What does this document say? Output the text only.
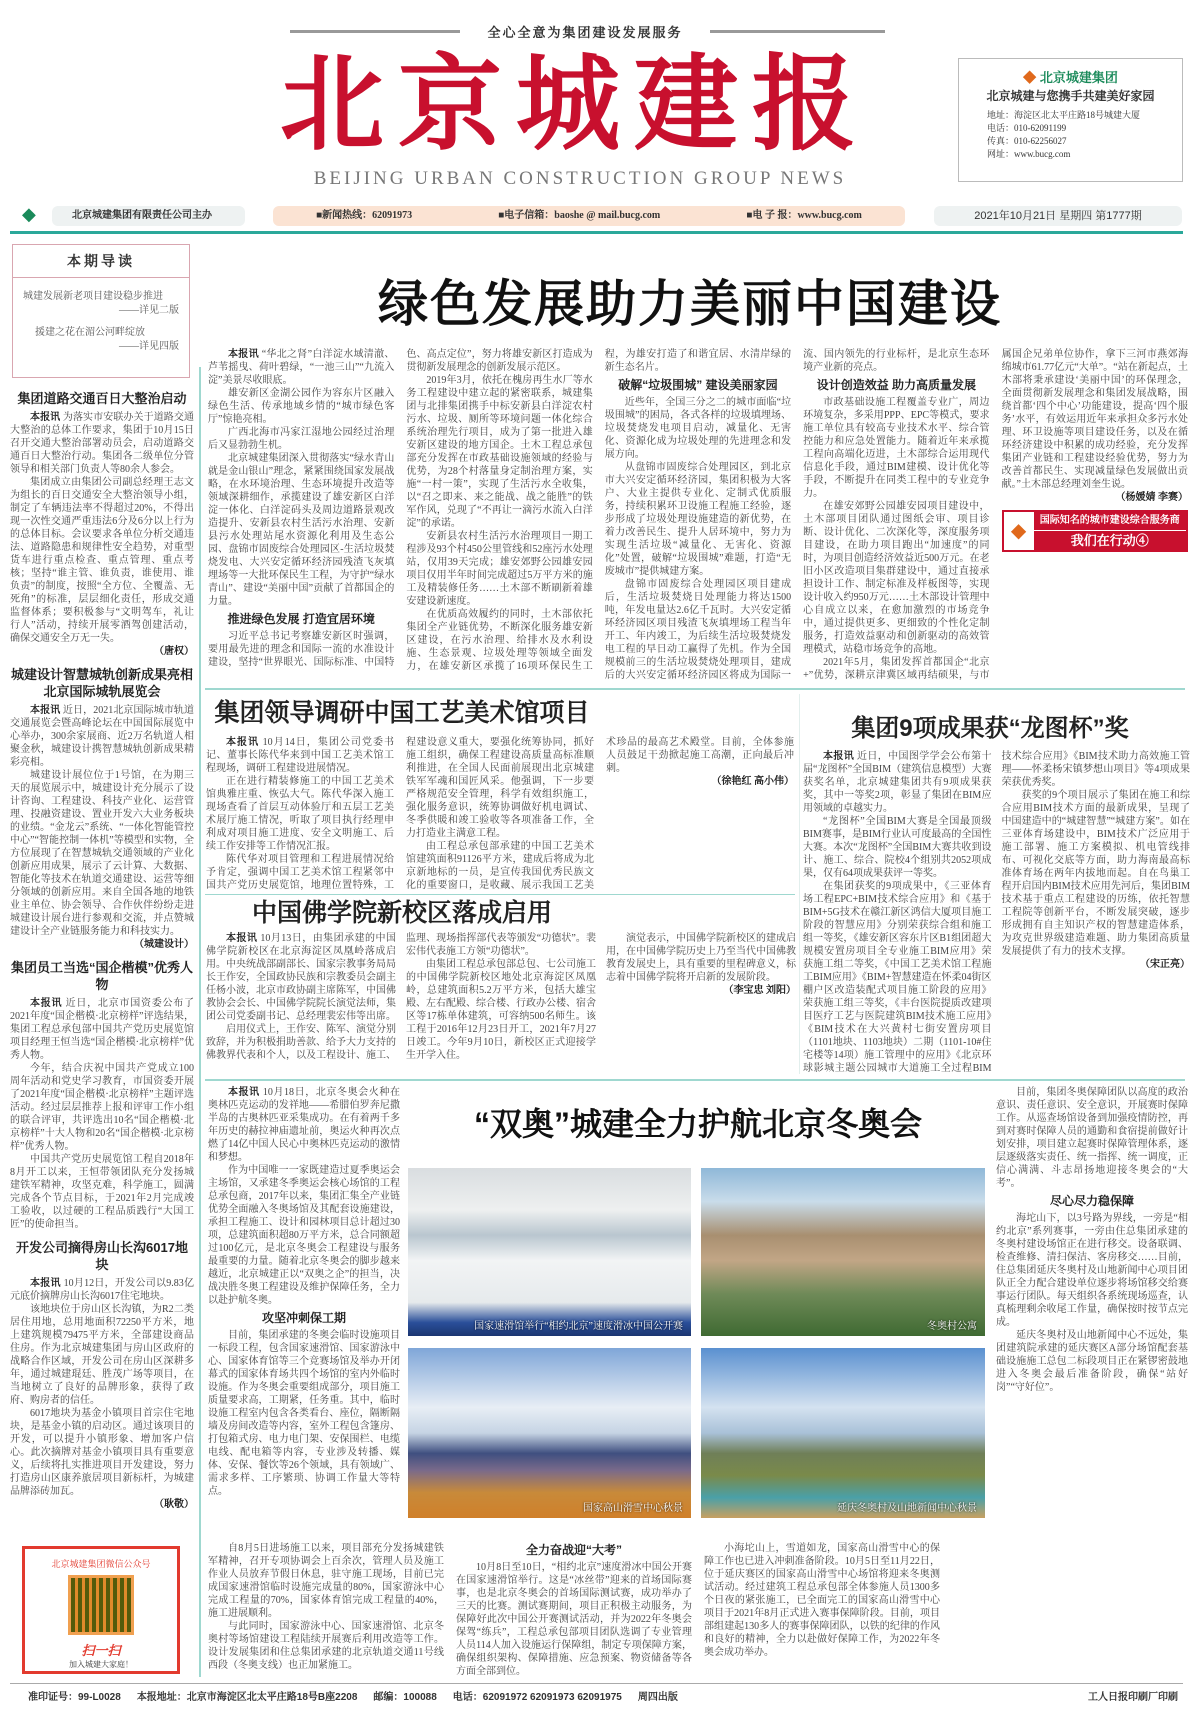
全心全意为集团建设发展服务
北京城建报
BEIJING URBAN CONSTRUCTION GROUP NEWS
◆ 北京城建集团
北京城建与您携手共建美好家园
地址：海淀区北太平庄路18号城建大厦
电话：010-62091199
传真：010-62256027
网址：www.bucg.com
◆	北京城建集团有限责任公司主办	■新闻热线：62091973	■电子信箱：baoshe @ mail.bucg.com	■电 子 报：www.bucg.com	2021年10月21日 星期四 第1777期
本期导读
城建发展新老项目建设稳步推进
——详见二版
援建之花在湄公河畔绽放
——详见四版
集团道路交通百日大整治启动

本报讯 为落实市安联办关于道路交通大整治的总体工作要求，集团于10月15日召开交通大整治部署动员会，启动道路交通百日大整治行动。集团各二级单位分管领导和相关部门负责人等80余人参会。

集团成立由集团公司副总经理王志文为组长的百日交通安全大整治领导小组，制定了车辆违法率不得超过20%，不得出现一次性交通严重违法6分及6分以上行为的总体目标。会议要求各单位分析交通违法、道路隐患和规律性安全趋势，对重型货车进行重点检查、重点管理、重点考核；坚持“谁主管、谁负责，谁使用、谁负责”的制度，按照“全方位、全覆盖、无死角”的标准，层层细化责任，形成交通监督体系；要积极参与“文明驾车，礼让行人”活动，持续开展零酒驾创建活动，确保交通安全万无一失。

（唐权）
城建设计智慧城轨创新成果亮相北京国际城轨展览会

本报讯 近日，2021北京国际城市轨道交通展览会暨高峰论坛在中国国际展览中心举办，300余家展商、近2万名轨道人相聚金秋，城建设计携智慧城轨创新成果精彩亮相。

城建设计展位位于1号馆，在为期三天的展览展示中，城建设计充分展示了设计咨询、工程建设、科技产业化、运营管理、投融资建设、置业开发六大业务板块的业绩。“金龙云”系统、“一体化智能管控中心”“智能控制一体机”等模型和实物，全方位展现了在智慧城轨交通领域的产业化创新应用成果，展示了云计算、大数据、智能化等技术在轨道交通建设、运营等细分领域的创新应用。来自全国各地的地铁业主单位、协会领导、合作伙伴纷纷走进城建设计展台进行参观和交流，并点赞城建设计全产业链服务能力和科技实力。

（城建设计）
集团员工当选“国企楷模”优秀人物

本报讯 近日，北京市国资委公布了2021年度“国企楷模·北京榜样”评选结果，集团工程总承包部中国共产党历史展览馆项目经理王恒当选“国企楷模·北京榜样”优秀人物。

今年，结合庆祝中国共产党成立100周年活动和党史学习教育，市国资委开展了2021年度“国企楷模·北京榜样”主题评选活动。经过层层推荐上报和评审工作小组的联合评审，共评选出10名“国企楷模·北京榜样”十大人物和20名“国企楷模·北京榜样”优秀人物。

中国共产党历史展览馆工程自2018年8月开工以来，王恒带领团队充分发扬城建铁军精神，攻坚克难，科学施工，圆满完成各个节点目标，于2021年2月完成竣工验收，以过硬的工程品质践行“大国工匠”的使命担当。

开发公司摘得房山长沟6017地块

本报讯 10月12日，开发公司以9.83亿元底价摘牌房山长沟6017住宅地块。

该地块位于房山区长沟镇，为R2二类居住用地，总用地面积72250平方米，地上建筑规模79475平方米，全部建设商品住房。作为北京城建集团与房山区政府的战略合作区域，开发公司在房山区深耕多年，通过城建琨廷、胜茂广场等项目，在当地树立了良好的品牌形象，获得了政府、购房者的信任。

6017地块为基金小镇项目首宗住宅地块，是基金小镇的启动区。通过该项目的开发，可以提升小镇形象、增加客户信心。此次摘牌对基金小镇项目具有重要意义，后续将扎实推进项目开发建设，努力打造房山区康养旅居项目新标杆，为城建品牌添砖加瓦。

（耿敬）
北京城建集团微信公众号
扫一扫
加入城建大家庭！
绿色发展助力美丽中国建设

本报讯 “华北之肾”白洋淀水域清澈、芦苇摇曳、荷叶碧绿，“一池三山”“九流入淀”美景尽收眼底。

雄安新区金湖公园作为容东片区融入绿色生活、传承地域乡情的“城市绿色客厅”惊艳亮相。

广西北海市冯家江湿地公园经过治理后又显勃勃生机。

北京城建集团深入贯彻落实“绿水青山就是金山银山”理念，紧紧围绕国家发展战略，在水环境治理、生态环境提升改造等领域深耕细作，承揽建设了雄安新区白洋淀一体化、白洋淀码头及周边道路景观改造提升、安新县农村生活污水治理、安新县污水处理站尾水资源化利用及生态公园、盘锦市固废综合处理园区-生活垃圾焚烧发电、大兴安定循环经济园残渣飞灰填埋场等一大批环保民生工程，为守护“绿水青山”、建设“美丽中国”贡献了首都国企的力量。

推进绿色发展 打造宜居环境

习近平总书记考察雄安新区时强调，要用最先进的理念和国际一流的水准设计建设，坚持“世界眼光、国际标准、中国特色、高点定位”，努力将雄安新区打造成为贯彻新发展理念的创新发展示范区。

2019年3月，依托在槐房再生水厂等水务工程建设中建立起的紧密联系，城建集团与北排集团携手中标安新县白洋淀农村污水、垃圾、厕所等环境问题一体化综合系统治理先行项目，成为了第一批进入雄安新区建设的地方国企。土木工程总承包部充分发挥在市政基础设施领域的经验与优势，为28个村落量身定制治理方案，实施“一村一策”，实现了生活污水全收集，以“召之即来、来之能战、战之能胜”的铁军作风，兑现了“不再让一滴污水流入白洋淀”的承诺。

安新县农村生活污水治理项目一期工程涉及93个村450公里管线和52座污水处理站，仅用39天完成；雄安郊野公园雄安园项目仅用半年时间完成超过5万平方米的施工及精装修任务……土木部不断刷新着雄安建设新速度。

在优质高效履约的同时，土木部依托集团全产业链优势，不断深化服务雄安新区建设，在污水治理、给排水及水利设施、生态景观、垃圾处理等领域全面发力，在雄安新区承揽了16项环保民生工程，为雄安打造了和谐宜居、水清岸绿的新生态名片。

破解“垃圾围城” 建设美丽家园

近些年，全国三分之二的城市面临“垃圾围城”的困局，各式各样的垃圾填埋场、垃圾焚烧发电项目启动，减量化、无害化、资源化成为垃圾处理的先进理念和发展方向。

从盘锦市固废综合处理园区，到北京市大兴安定循环经济园，集团积极为大客户、大业主提供专业化、定制式优质服务，持续积累环卫设施工程施工经验，逐步形成了垃圾处理设施建造的新优势，在着力改善民生、提升人居环境中，努力为实现生活垃圾“减量化、无害化、资源化”处置，破解“垃圾围城”难题，打造“无废城市”提供城建方案。

盘锦市固废综合处理园区项目建成后，生活垃圾焚烧日处理能力将达1500吨，年发电量达2.6亿千瓦时。大兴安定循环经济园区项目残渣飞灰填埋场工程当年开工、年内竣工，为后续生活垃圾焚烧发电工程的早日动工赢得了先机。作为全国规模前三的生活垃圾焚烧处理项目，建成后的大兴安定循环经济园区将成为国际一流、国内领先的行业标杆，是北京生态环境产业新的亮点。

设计创造效益 助力高质量发展

市政基础设施工程覆盖专业广，周边环境复杂，多采用PPP、EPC等模式，要求施工单位具有较高专业技术水平、综合管控能力和应急处置能力。随着近年来承揽工程向高端化迈进，土木部综合运用现代信息化手段，通过BIM建模、设计优化等手段，不断提升在同类工程中的专业竞争力。

在雄安郊野公园雄安园项目建设中，土木部项目团队通过图纸会审、项目诊断、设计优化、二次深化等，深度服务项目建设，在助力项目跑出“加速度”的同时，为项目创造经济效益近500万元。在老旧小区改造项目集群建设中，通过直接承担设计工作、制定标准及样板图等，实现设计收入约950万元……土木部设计管理中心自成立以来，在愈加激烈的市场竞争中，通过提供更多、更细致的个性化定制服务，打造效益驱动和创新驱动的高效管理模式，站稳市场竞争的高地。

2021年5月，集团发挥首都国企“北京+”优势，深耕京津冀区域再结硕果，与市属国企兄弟单位协作，拿下三河市燕郊海绵城市61.77亿元“大单”。“站在新起点，土木部将秉承建设‘美丽中国’的环保理念，全面贯彻新发展理念和集团发展战略，围绕首都‘四个中心’功能建设，提高‘四个服务’水平，有效运用近年来承担众多污水处理、环卫设施等项目建设任务，以及在循环经济建设中积累的成功经验，充分发挥集团产业链和工程建设经验优势，努力为改善首都民生、实现减量绿色发展做出贡献。”土木部总经理刘奎生说。

（杨媛婧 李赛）
◆	国际知名的城市建设综合服务商
我们在行动④
集团领导调研中国工艺美术馆项目

本报讯 10月14日，集团公司党委书记、董事长陈代华来到中国工艺美术馆工程现场，调研工程建设进展情况。

正在进行精装修施工的中国工艺美术馆典雅庄重、恢弘大气。陈代华深入施工现场查看了首层互动体验厅和五层工艺美术展厅施工情况，听取了项目执行经理申利成对项目施工进度、安全文明施工、后续工作安排等工作情况汇报。

陈代华对项目管理和工程进展情况给予肯定，强调中国工艺美术馆工程紧邻中国共产党历史展览馆，地理位置特殊，工程建设意义重大，要强化统筹协同，抓好施工组织，确保工程建设高质量高标准顺利推进，在全国人民面前展现出北京城建铁军军魂和国匠风采。他强调，下一步要严格规范安全管理，科学有效组织施工，强化服务意识，统筹协调做好机电调试、冬季供暖和竣工验收等各项准备工作，全力打造业主满意工程。

由工程总承包部承建的中国工艺美术馆建筑面积91126平方米，建成后将成为北京新地标的一员，是宣传我国优秀民族文化的重要窗口，是收藏、展示我国工艺美术珍品的最高艺术殿堂。目前，全体参施人员鼓足干劲掀起施工高潮，正向最后冲刺。

（徐艳红 高小伟）
中国佛学院新校区落成启用

本报讯 10月13日，由集团承建的中国佛学院新校区在北京海淀区凤凰岭落成启用。中央统战部副部长、国家宗教事务局局长王作安，全国政协民族和宗教委员会副主任杨小波，北京市政协副主席陈军，中国佛教协会会长、中国佛学院院长演觉法师，集团公司党委副书记、总经理裴宏伟等出席。

启用仪式上，王作安、陈军、演觉分别致辞，并为积极捐助善款、给予大力支持的佛教界代表和个人，以及工程设计、施工、监理、现场指挥部代表等颁发“功德状”。裴宏伟代表施工方领“功德状”。

由集团工程总承包部总包、七公司施工的中国佛学院新校区地处北京海淀区凤凰岭，总建筑面积5.2万平方米，包括大雄宝殿、左右配殿、综合楼、行政办公楼、宿舍区等17栋单体建筑，可容纳500名师生。该工程于2016年12月23日开工，2021年7月27日竣工。今年9月10日，新校区正式迎接学生开学入住。

演觉表示，中国佛学院新校区的建成启用，在中国佛学院历史上乃至当代中国佛教教育发展史上，具有重要的里程碑意义，标志着中国佛学院将开启新的发展阶段。

（李宝忠 刘阳）
集团9项成果获“龙图杯”奖

本报讯 近日，中国图学学会公布第十届“龙图杯”全国BIM（建筑信息模型）大赛获奖名单，北京城建集团共有9项成果获奖，其中一等奖2项，彰显了集团在BIM应用领域的卓越实力。

“龙图杯”全国BIM大赛是全国最顶级BIM赛事，是BIM行业认可度最高的全国性大赛。本次“龙图杯”全国BIM大赛共收到设计、施工、综合、院校4个组别共2052项成果，仅有64项成果获评一等奖。

在集团获奖的9项成果中，《三亚体育场工程EPC+BIM技术综合应用》和《基于BIM+5G技术在赣江新区鸿信大厦项目施工阶段的智慧应用》分别荣获综合组和施工组一等奖，《雄安新区容东片区B1组团超大规模安置房项目全专业施工BIM应用》荣获施工组二等奖，《中国工艺美术馆工程施工BIM应用》《BIM+智慧建造在怀柔04街区棚户区改造装配式项目施工阶段的应用》荣获施工组三等奖，《丰台医院提质改建项目医疗工艺与医院建筑BIM技术施工应用》《BIM技术在大兴黄村七街安置房项目（1101地块、1103地块）二期（1101-10#住宅楼等14项）施工管理中的应用》《北京环球影城主题公园城市大道施工全过程BIM技术综合应用》《BIM技术助力高效施工管理——怀柔杨宋镇梦想山项目》等4项成果荣获优秀奖。

获奖的9个项目展示了集团在施工和综合应用BIM技术方面的最新成果，呈现了中国建造中的“城建智慧”“城建方案”。如在三亚体育场建设中，BIM技术广泛应用于施工部署、施工方案模拟、机电管线排布、可视化交底等方面，助力海南最高标准体育场在两年内拔地而起。自在鸟巢工程开启国内BIM技术应用先河后，集团BIM技术基于重点工程建设的历练，依托智慧工程院等创新平台，不断发展突破，逐步形成拥有自主知识产权的智慧建造体系，为攻克世界级建造难题、助力集团高质量发展提供了有力的技术支撑。

（宋正亮）

本报讯 10月18日，北京冬奥会火种在奥林匹克运动的发祥地——希腊伯罗奔尼撒半岛的古奥林匹亚采集成功。在有着两千多年历史的赫拉神庙遗址前，奥运火种再次点燃了14亿中国人民心中奥林匹克运动的激情和梦想。

作为中国唯一一家既建造过夏季奥运会主场馆，又承建冬季奥运会核心场馆的工程总承包商，2017年以来，集团汇集全产业链优势全面融入冬奥场馆及其配套设施建设，承担工程施工、设计和园林项目总计超过30项，总建筑面积超80万平方米，总合同额超过100亿元，是北京冬奥会工程建设与服务最重要的力量。随着北京冬奥会的脚步越来越近，北京城建正以“双奥之企”的担当，决战决胜冬奥工程建设及维护保障任务，全力以赴护航冬奥。

攻坚冲刺保工期

目前，集团承建的冬奥会临时设施项目一标段工程，包含国家速滑馆、国家游泳中心、国家体育馆等三个竞赛场馆及举办开闭幕式的国家体育场共四个场馆的室内外临时设施。作为冬奥会重要组成部分，项目施工质量要求高，工期紧，任务重。其中，临时设施工程室内包含各类看台、座位，隔断隔墙及房间改造等内容，室外工程包含篷房、打包箱式房、电力电门架、安保围栏、电缆电线、配电箱等内容，专业涉及转播、媒体、安保、餐饮等26个领域，具有领域广、需求多样、工序繁琐、协调工作量大等特点。

“双奥”城建全力护航北京冬奥会
国家速滑馆举行“相约北京”速度滑冰中国公开赛	冬奥村公寓
国家高山滑雪中心秋景	延庆冬奥村及山地新闻中心秋景

目前，集团冬奥保障团队以高度的政治意识、责任意识、安全意识，开展赛时保障工作。从巡查场馆设备到加强疫情防控，再到对赛时保障人员的通勤和食宿提前做好计划安排，项目建立起赛时保障管理体系，逐层逐级落实责任、统一指挥、统一调度，正信心满满、斗志昂扬地迎接冬奥会的“大考”。

尽心尽力稳保障

海坨山下，以3号路为界线，一旁是“相约北京”系列赛事，一旁由住总集团承建的冬奥村建设场馆正在进行移交。设备联调、检查维修、清扫保洁、客房移交……目前，住总集团延庆冬奥村及山地新闻中心项目团队正全力配合建设单位逐步将场馆移交给赛事运行团队。每天组织各系统现场巡查，认真梳理剩余收尾工作量，确保按时按节点完成。

延庆冬奥村及山地新闻中心不远处，集团建筑院承建的延庆赛区A部分场馆配套基础设施施工总包二标段项目正在紧锣密鼓地进入冬奥会最后准备阶段，确保“站好岗”“守好位”。

自8月5日进场施工以来，项目部充分发扬城建铁军精神，召开专项协调会上百余次，管理人员及施工作业人员放弃节假日休息，驻守施工现场，目前已完成国家速滑馆临时设施完成量的80%，国家游泳中心完成工程量的70%，国家体育馆完成工程量的40%，施工进展顺利。

与此同时，国家游泳中心、国家速滑馆、北京冬奥村等场馆建设工程陆续开展赛后利用改造等工作。设计发展集团和住总集团承建的北京轨道交通11号线西段（冬奥支线）也正加紧施工。

全力奋战迎“大考”

10月8日至10日，“相约北京”速度滑冰中国公开赛在国家速滑馆举行。这是“冰丝带”迎来的首场国际赛事，也是北京冬奥会的首场国际测试赛，成功举办了三天的比赛。测试赛期间，项目正积极主动服务，为保障好此次中国公开赛测试活动，并为2022年冬奥会保驾“练兵”，工程总承包部项目团队选调了专业管理人员114人加入设施运行保障组，制定专项保障方案，确保组织架构、保障措施、应急预案、物资储备等各方面全部到位。

小海坨山上，雪道如龙，国家高山滑雪中心的保障工作也已进入冲刺准备阶段。10月5日至11月22日，位于延庆赛区的国家高山滑雪中心场馆将迎来冬奥测试活动。经过建筑工程总承包部全体参施人员1300多个日夜的紧张施工，已全面完工的国家高山滑雪中心项目于2021年8月正式进入赛事保障阶段。目前，项目部组建起130多人的赛事保障团队，以铁的纪律的作风和良好的精神，全力以赴做好保障工作，为2022年冬奥会成功举办。

准印证号：99-L0028 本报地址：北京市海淀区北太平庄路18号B座2208 邮编：100088 电话：62091972 62091973 62091975 周四出版	工人日报印刷厂印刷
